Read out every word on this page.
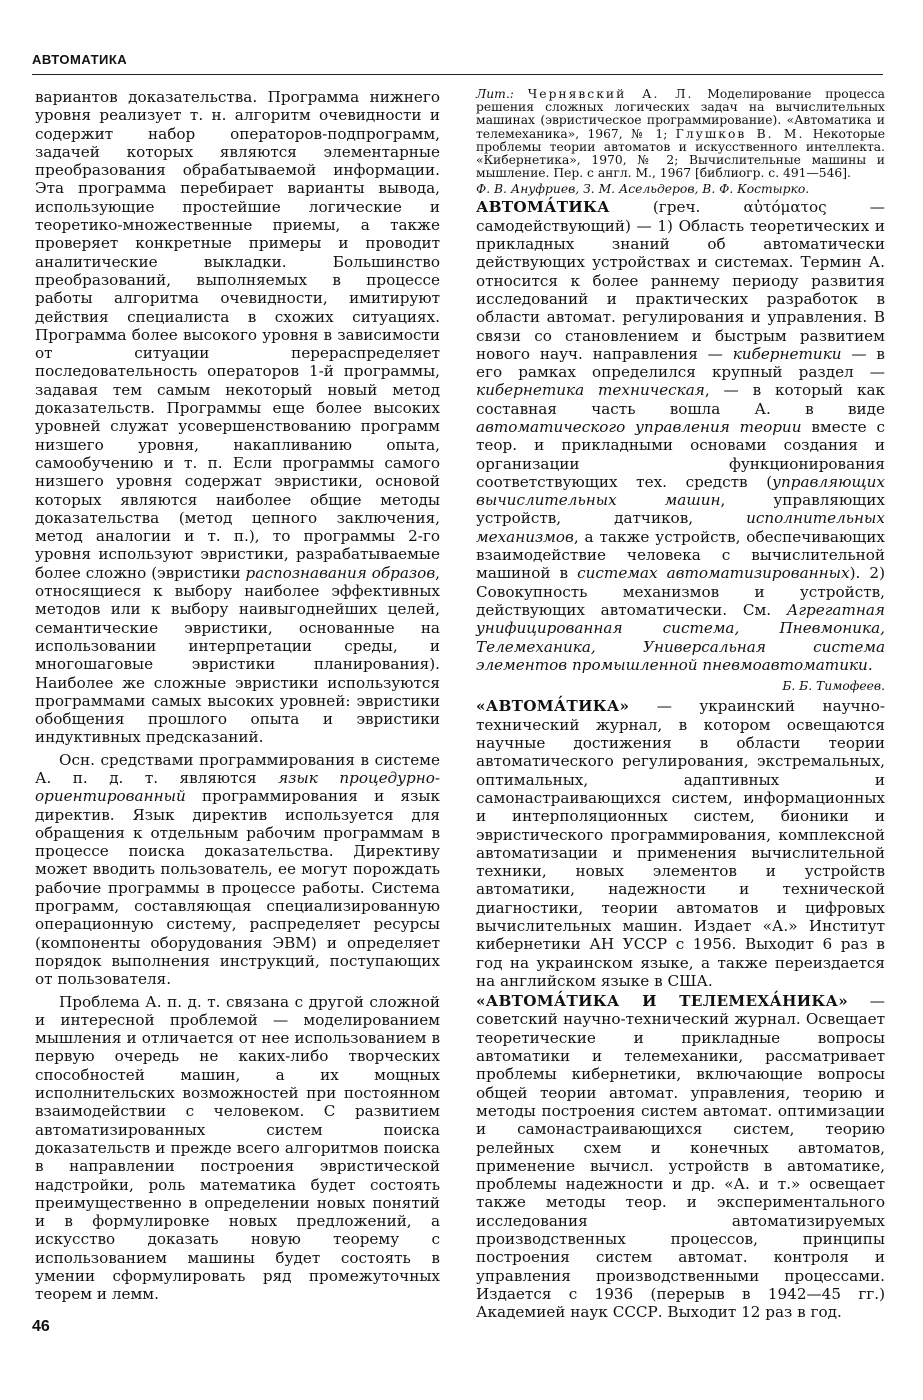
АВТОМАТИКА

вариантов доказательства. Программа нижнего уровня реализует т. н. алгоритм очевидности и содержит набор операторов-подпрограмм, задачей которых являются элементарные преобразования обрабатываемой информации. Эта программа перебирает варианты вывода, использующие простейшие логические и теоретико-множественные приемы, а также проверяет конкретные примеры и проводит аналитические выкладки. Большинство преобразований, выполняемых в процессе работы алгоритма очевидности, имитируют действия специалиста в схожих ситуациях. Программа более высокого уровня в зависимости от ситуации перераспределяет последовательность операторов 1-й программы, задавая тем самым некоторый новый метод доказательств. Программы еще более высоких уровней служат усовершенствованию программ низшего уровня, накапливанию опыта, самообучению и т. п. Если программы самого низшего уровня содержат эвристики, основой которых являются наиболее общие методы доказательства (метод цепного заключения, метод аналогии и т. п.), то программы 2-го уровня используют эвристики, разрабатываемые более сложно (эвристики распознавания образов, относящиеся к выбору наиболее эффективных методов или к выбору наивыгоднейших целей, семантические эвристики, основанные на использовании интерпретации среды, и многошаговые эвристики планирования). Наиболее же сложные эвристики используются программами самых высоких уровней: эвристики обобщения прошлого опыта и эвристики индуктивных предсказаний.

Осн. средствами программирования в системе А. п. д. т. являются язык процедурно-ориентированный программирования и язык директив. Язык директив используется для обращения к отдельным рабочим программам в процессе поиска доказательства. Директиву может вводить пользователь, ее могут порождать рабочие программы в процессе работы. Система программ, составляющая специализированную операционную систему, распределяет ресурсы (компоненты оборудования ЭВМ) и определяет порядок выполнения инструкций, поступающих от пользователя.

Проблема А. п. д. т. связана с другой сложной и интересной проблемой — моделированием мышления и отличается от нее использованием в первую очередь не каких-либо творческих способностей машин, а их мощных исполнительских возможностей при постоянном взаимодействии с человеком. С развитием автоматизированных систем поиска доказательств и прежде всего алгоритмов поиска в направлении построения эвристической надстройки, роль математика будет состоять преимущественно в определении новых понятий и в формулировке новых предложений, а искусство доказать новую теорему с использованием машины будет состоять в умении сформулировать ряд промежуточных теорем и лемм.

Лит.: Чернявский А. Л. Моделирование процесса решения сложных логических задач на вычислительных машинах (эвристическое программирование). «Автоматика и телемеханика», 1967, № 1; Глушков В. М. Некоторые проблемы теории автоматов и искусственного интеллекта. «Кибернетика», 1970, № 2; Вычислительные машины и мышление. Пер. с англ. М., 1967 [библиогр. с. 491—546].

Ф. В. Ануфриев, З. М. Асельдеров, В. Ф. Костырко.

АВТОМА́ТИКА (греч. αὐτόματος — самодействующий) — 1) Область теоретических и прикладных знаний об автоматически действующих устройствах и системах. Термин А. относится к более раннему периоду развития исследований и практических разработок в области автомат. регулирования и управления. В связи со становлением и быстрым развитием нового науч. направления — кибернетики — в его рамках определился крупный раздел — кибернетика техническая, — в который как составная часть вошла А. в виде автоматического управления теории вместе с теор. и прикладными основами создания и организации функционирования соответствующих тех. средств (управляющих вычислительных машин, управляющих устройств, датчиков, исполнительных механизмов, а также устройств, обеспечивающих взаимодействие человека с вычислительной машиной в системах автоматизированных). 2) Совокупность механизмов и устройств, действующих автоматически. См. Агрегатная унифицированная система, Пневмоника, Телемеханика, Универсальная система элементов промышленной пневмоавтоматики.

Б. Б. Тимофеев.

«АВТОМА́ТИКА» — украинский научно-технический журнал, в котором освещаются научные достижения в области теории автоматического регулирования, экстремальных, оптимальных, адаптивных и самонастраивающихся систем, информационных и интерполяционных систем, бионики и эвристического программирования, комплексной автоматизации и применения вычислительной техники, новых элементов и устройств автоматики, надежности и технической диагностики, теории автоматов и цифровых вычислительных машин. Издает «А.» Институт кибернетики АН УССР с 1956. Выходит 6 раз в год на украинском языке, а также переиздается на английском языке в США.

«АВТОМА́ТИКА И ТЕЛЕМЕХА́НИКА» — советский научно-технический журнал. Освещает теоретические и прикладные вопросы автоматики и телемеханики, рассматривает проблемы кибернетики, включающие вопросы общей теории автомат. управления, теорию и методы построения систем автомат. оптимизации и самонастраивающихся систем, теорию релейных схем и конечных автоматов, применение вычисл. устройств в автоматике, проблемы надежности и др. «А. и т.» освещает также методы теор. и экспериментального исследования автоматизируемых производственных процессов, принципы построения систем автомат. контроля и управления производственными процессами. Издается с 1936 (перерыв в 1942—45 гг.) Академией наук СССР. Выходит 12 раз в год.

46
